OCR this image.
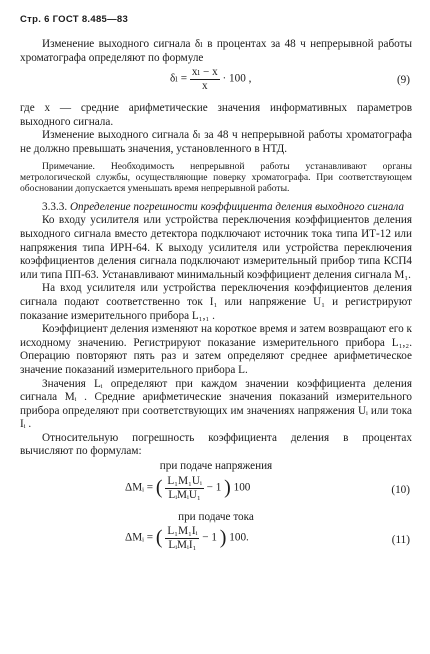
Стр. 6 ГОСТ 8.485—83

Изменение выходного сигнала δₗ в процентах за 48 ч непрерывной работы хроматографа определяют по формуле

$\delta_l = \frac{\text{xₗ − x}}{x} \cdot 100$ ,	(9)

где x — средние арифметические значения информативных параметров выходного сигнала.

Изменение выходного сигнала δₗ за 48 ч непрерывной работы хроматографа не должно превышать значения, установленного в НТД.

Примечание. Необходимость непрерывной работы устанавливают органы метрологической службы, осуществляющие поверку хроматографа. При соответствующем обосновании допускается уменьшать время непрерывной работы.

3.3.3. Определение погрешности коэффициента деления выходного сигнала

Ко входу усилителя или устройства переключения коэффициентов деления выходного сигнала вместо детектора подключают источник тока типа ИТ-12 или напряжения типа ИРН-64. К выходу усилителя или устройства переключения коэффициентов деления сигнала подключают измерительный прибор типа КСП4 или типа ПП-63. Устанавливают минимальный коэффициент деления сигнала M₁.

На вход усилителя или устройства переключения коэффициентов деления сигнала подают соответственно ток I₁ или напряжение U₁ и регистрируют показание измерительного прибора L₁,₁ .

Коэффициент деления изменяют на короткое время и затем возвращают его к исходному значению. Регистрируют показание измерительного прибора L₁,₂. Операцию повторяют пять раз и затем определяют среднее арифметическое значение показаний измерительного прибора L.

Значения Lᵢ определяют при каждом значении коэффициента деления сигнала Mᵢ . Средние арифметические значения показаний измерительного прибора определяют при соответствующих им значениях напряжения Uᵢ или тока Iᵢ .

Относительную погрешность коэффициента деления в процентах вычисляют по формулам:

при подаче напряжения

ΔMᵢ = ( $\frac{\text{L₁M₁Uᵢ}}{\text{LᵢMᵢU₁}} - 1$ ) 100	(10)

при подаче тока

ΔMᵢ = ( $\frac{\text{L₁M₁Iᵢ}}{\text{LᵢMᵢI₁}} - 1$ ) 100.	(11)
